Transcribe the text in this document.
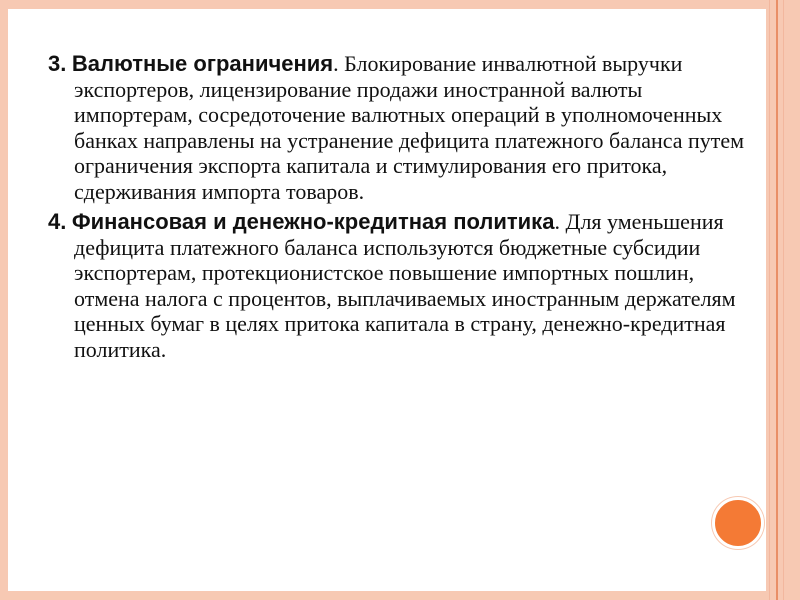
3. Валютные ограничения. Блокирование инвалютной выручки экспортеров, лицензирование продажи иностранной валюты импортерам, сосредоточение валютных операций в уполномоченных банках направлены на устранение дефицита платежного баланса путем ограничения экспорта капитала и стимулирования его притока, сдерживания импорта товаров.

4. Финансовая и денежно-кредитная политика. Для уменьшения дефицита платежного баланса используются бюджетные субсидии экспортерам, протекционистское повышение импортных пошлин, отмена налога с процентов, выплачиваемых иностранным держателям ценных бумаг в целях притока капитала в страну, денежно-кредитная политика.
